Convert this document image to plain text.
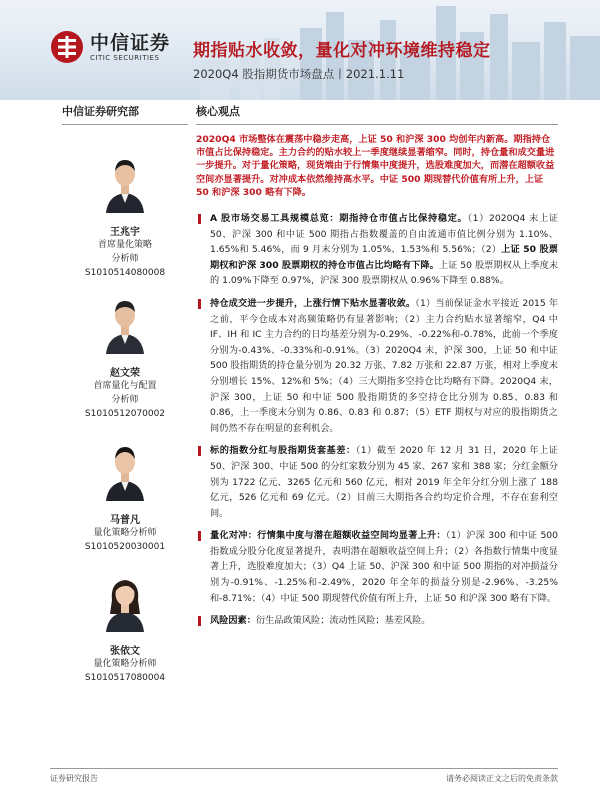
中信证券
CITIC SECURITIES	期指贴水收敛，量化对冲环境维持稳定
2020Q4 股指期货市场盘点丨2021.1.11
中信证券研究部
王兆宇
首席量化策略
分析师
S1010514080008
赵文荣
首席量化与配置
分析师
S1010512070002
马普凡
量化策略分析师
S1010520030001
张依文
量化策略分析师
S1010517080004
核心观点
2020Q4 市场整体在震荡中稳步走高，上证 50 和沪深 300 均创年内新高。期指持仓市值占比保持稳定。主力合约的贴水较上一季度继续显著缩窄。同时，持仓量和成交量进一步提升。对于量化策略，现货端由于行情集中度提升，选股难度加大，而潜在超额收益空间亦显著提升。对冲成本依然维持高水平。中证 500 期现替代价值有所上升，上证 50 和沪深 300 略有下降。
A 股市场交易工具规模总览：期指持仓市值占比保持稳定。（1）2020Q4 末上证 50、沪深 300 和中证 500 期指占指数覆盖的自由流通市值比例分别为 1.10%、1.65%和 5.46%，而 9 月末分别为 1.05%、1.53%和 5.56%；（2）上证 50 股票期权和沪深 300 股票期权的持仓市值占比均略有下降。上证 50 股票期权从上季度末的 1.09%下降至 0.97%，沪深 300 股票期权从 0.96%下降至 0.88%。
持仓成交进一步提升，上涨行情下贴水显著收敛。（1）当前保证金水平接近 2015 年之前，平今仓成本对高频策略仍有显著影响；（2）主力合约贴水显著缩窄，Q4 中 IF、IH 和 IC 主力合约的日均基差分别为-0.29%、-0.22%和-0.78%，此前一个季度分别为-0.43%、-0.33%和-0.91%。（3）2020Q4 末，沪深 300，上证 50 和中证 500 股指期货的持仓量分别为 20.32 万张、7.82 万张和 22.87 万张，相对上季度末分别增长 15%、12%和 5%；（4）三大期指多空持仓比均略有下降。2020Q4 末，沪深 300，上证 50 和中证 500 股指期货的多空持仓比分别为 0.85、0.83 和 0.86，上一季度末分别为 0.86、0.83 和 0.87；（5）ETF 期权与对应的股指期货之间仍然不存在明显的套利机会。
标的指数分红与股指期货套基差：（1）截至 2020 年 12 月 31 日，2020 年上证 50、沪深 300、中证 500 的分红家数分别为 45 家、267 家和 388 家；分红金额分别为 1722 亿元、3265 亿元和 560 亿元，相对 2019 年全年分红分别上涨了 188 亿元，526 亿元和 69 亿元。（2）目前三大期指各合约均定价合理，不存在套利空间。
量化对冲：行情集中度与潜在超额收益空间均显著上升：（1）沪深 300 和中证 500 指数成分股分化度显著提升，表明潜在超额收益空间上升；（2）各指数行情集中度显著上升，选股难度加大；（3）Q4 上证 50、沪深 300 和中证 500 期指的对冲损益分别为-0.91%、-1.25%和-2.49%，2020 年全年的损益分别是-2.96%、-3.25%和-8.71%；（4）中证 500 期现替代价值有所上升，上证 50 和沪深 300 略有下降。
风险因素：衍生品政策风险；流动性风险；基差风险。
证券研究报告	请务必阅读正文之后的免责条款
